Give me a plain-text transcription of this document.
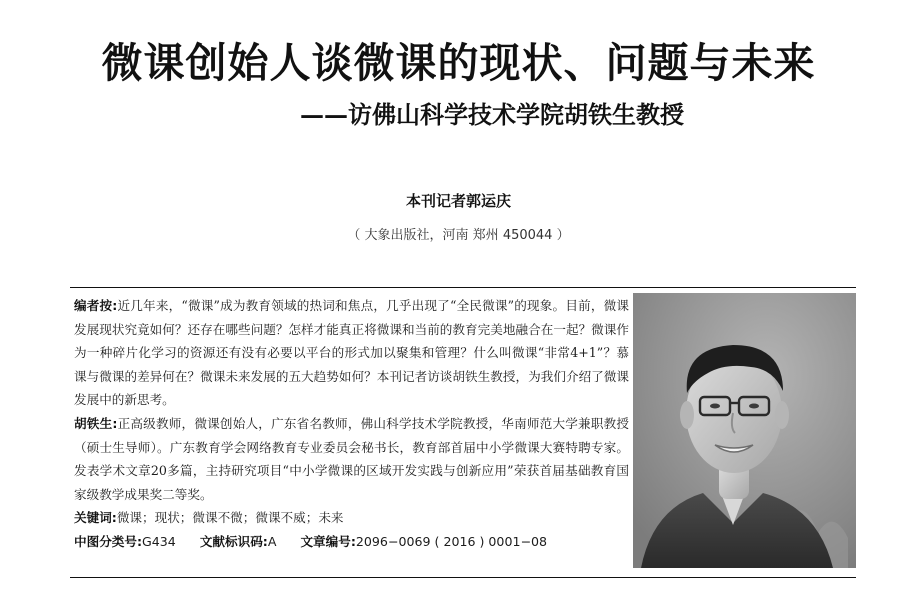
微课创始人谈微课的现状、问题与未来
——访佛山科学技术学院胡铁生教授
本刊记者郭运庆
（ 大象出版社，河南 郑州 450044 ）

编者按:近几年来，“微课”成为教育领域的热词和焦点，几乎出现了“全民微课”的现象。目前，微课发展现状究竟如何？还存在哪些问题？怎样才能真正将微课和当前的教育完美地融合在一起？微课作为一种碎片化学习的资源还有没有必要以平台的形式加以聚集和管理？什么叫微课“非常4+1”？慕课与微课的差异何在？微课未来发展的五大趋势如何？本刊记者访谈胡铁生教授，为我们介绍了微课发展中的新思考。

胡铁生:正高级教师，微课创始人，广东省名教师，佛山科学技术学院教授，华南师范大学兼职教授（硕士生导师）。广东教育学会网络教育专业委员会秘书长，教育部首届中小学微课大赛特聘专家。发表学术文章20多篇，主持研究项目“中小学微课的区域开发实践与创新应用”荣获首届基础教育国家级教学成果奖二等奖。

关键词:微课；现状；微课不微；微课不威；未来

中图分类号:G434 文献标识码:A 文章编号:2096−0069 ( 2016 ) 0001−08
